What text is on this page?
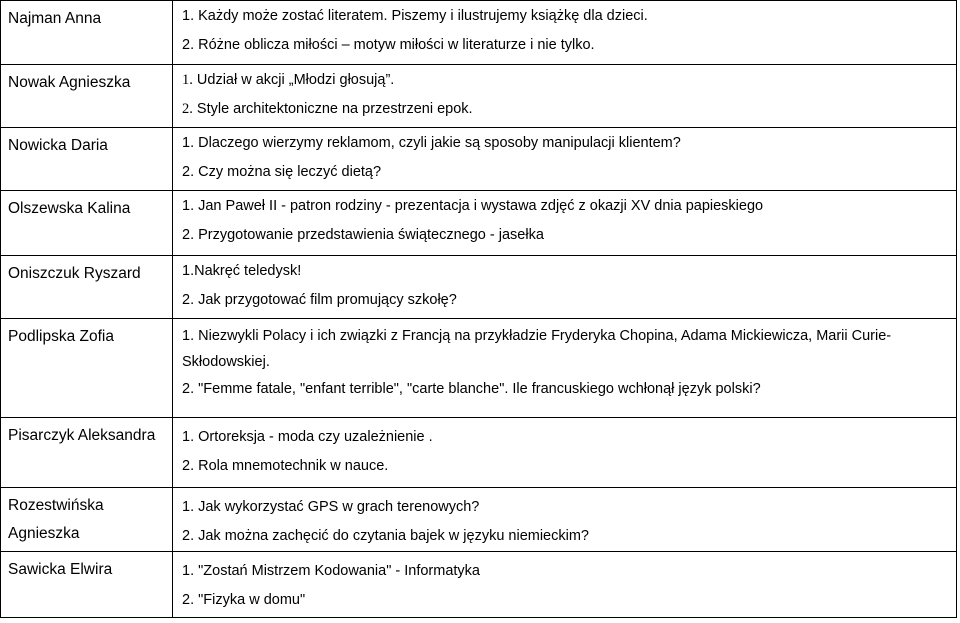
Najman Anna	1. Każdy może zostać literatem. Piszemy i ilustrujemy książkę dla dzieci.
2. Różne oblicza miłości – motyw miłości w literaturze i nie tylko.

Nowak Agnieszka	1. Udział w akcji „Młodzi głosują”.
2. Style architektoniczne na przestrzeni epok.

Nowicka Daria	1. Dlaczego wierzymy reklamom, czyli jakie są sposoby manipulacji klientem?
2. Czy można się leczyć dietą?

Olszewska Kalina	1. Jan Paweł II - patron rodziny - prezentacja i wystawa zdjęć z okazji XV dnia papieskiego
2. Przygotowanie przedstawienia świątecznego - jasełka

Oniszczuk Ryszard	1.Nakręć teledysk!
2. Jak przygotować film promujący szkołę?

Podlipska Zofia	1. Niezwykli Polacy i ich związki z Francją na przykładzie Fryderyka Chopina, Adama Mickiewicza, Marii Curie-Skłodowskiej.
2. "Femme fatale, "enfant terrible", "carte blanche". Ile francuskiego wchłonął język polski?

Pisarczyk Aleksandra	1. Ortoreksja - moda czy uzależnienie .
2. Rola mnemotechnik w nauce.

Rozestwińska Agnieszka	1. Jak wykorzystać GPS w grach terenowych?
2. Jak można zachęcić do czytania bajek w języku niemieckim?

Sawicka Elwira	1. "Zostań Mistrzem Kodowania" - Informatyka
2. "Fizyka w domu"
